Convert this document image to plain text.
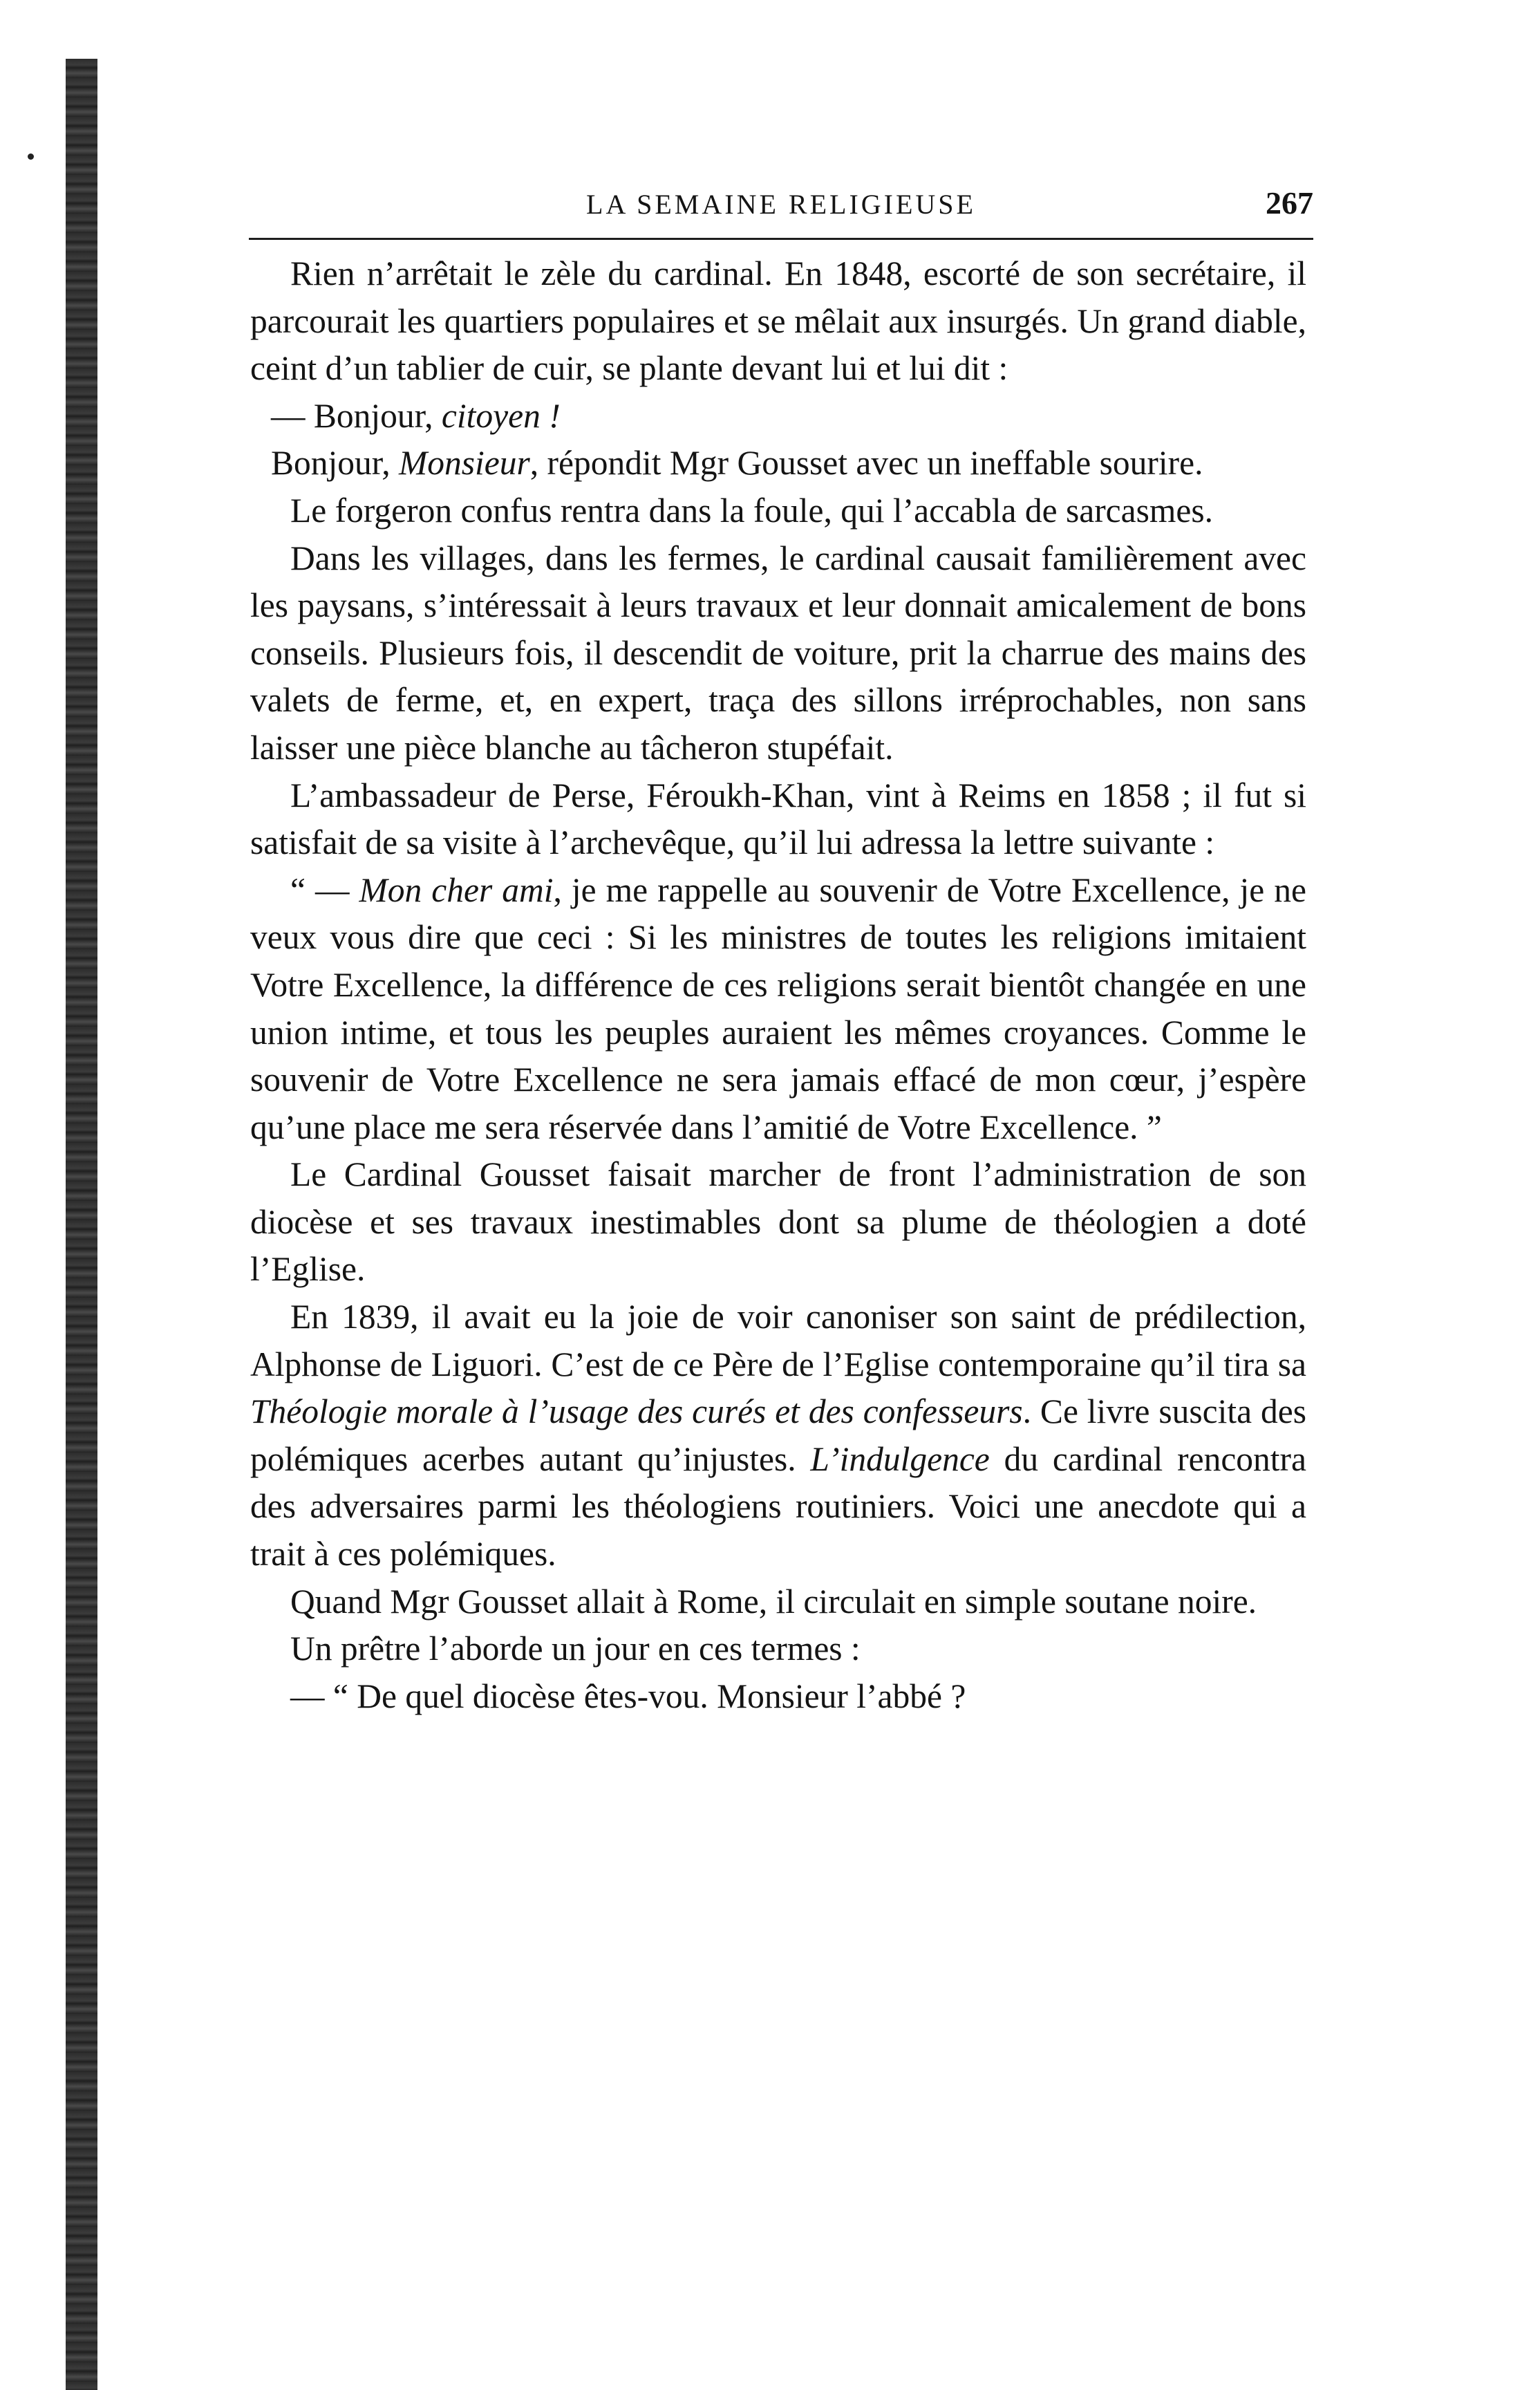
LA SEMAINE RELIGIEUSE	267

Rien n’arrêtait le zèle du cardinal. En 1848, escorté de son secrétaire, il parcourait les quartiers populaires et se mêlait aux insurgés. Un grand diable, ceint d’un tablier de cuir, se plante devant lui et lui dit :

— Bonjour, citoyen !

Bonjour, Monsieur, répondit Mgr Gousset avec un ineffable sourire.

Le forgeron confus rentra dans la foule, qui l’accabla de sarcasmes.

Dans les villages, dans les fermes, le cardinal causait familièrement avec les paysans, s’intéressait à leurs travaux et leur donnait amicalement de bons conseils. Plusieurs fois, il descendit de voiture, prit la charrue des mains des valets de ferme, et, en expert, traça des sillons irréprochables, non sans laisser une pièce blanche au tâcheron stupéfait.

L’ambassadeur de Perse, Féroukh-Khan, vint à Reims en 1858 ; il fut si satisfait de sa visite à l’archevêque, qu’il lui adressa la lettre suivante :

“ — Mon cher ami, je me rappelle au souvenir de Votre Excellence, je ne veux vous dire que ceci : Si les ministres de toutes les religions imitaient Votre Excellence, la différence de ces religions serait bientôt changée en une union intime, et tous les peuples auraient les mêmes croyances. Comme le souvenir de Votre Excellence ne sera jamais effacé de mon cœur, j’espère qu’une place me sera réservée dans l’amitié de Votre Excellence. ”

Le Cardinal Gousset faisait marcher de front l’administration de son diocèse et ses travaux inestimables dont sa plume de théologien a doté l’Eglise.

En 1839, il avait eu la joie de voir canoniser son saint de prédilection, Alphonse de Liguori. C’est de ce Père de l’Eglise contemporaine qu’il tira sa Théologie morale à l’usage des curés et des confesseurs. Ce livre suscita des polémiques acerbes autant qu’injustes. L’indulgence du cardinal rencontra des adversaires parmi les théologiens routiniers. Voici une anecdote qui a trait à ces polémiques.

Quand Mgr Gousset allait à Rome, il circulait en simple soutane noire.

Un prêtre l’aborde un jour en ces termes :

— “ De quel diocèse êtes-vou. Monsieur l’abbé ?
